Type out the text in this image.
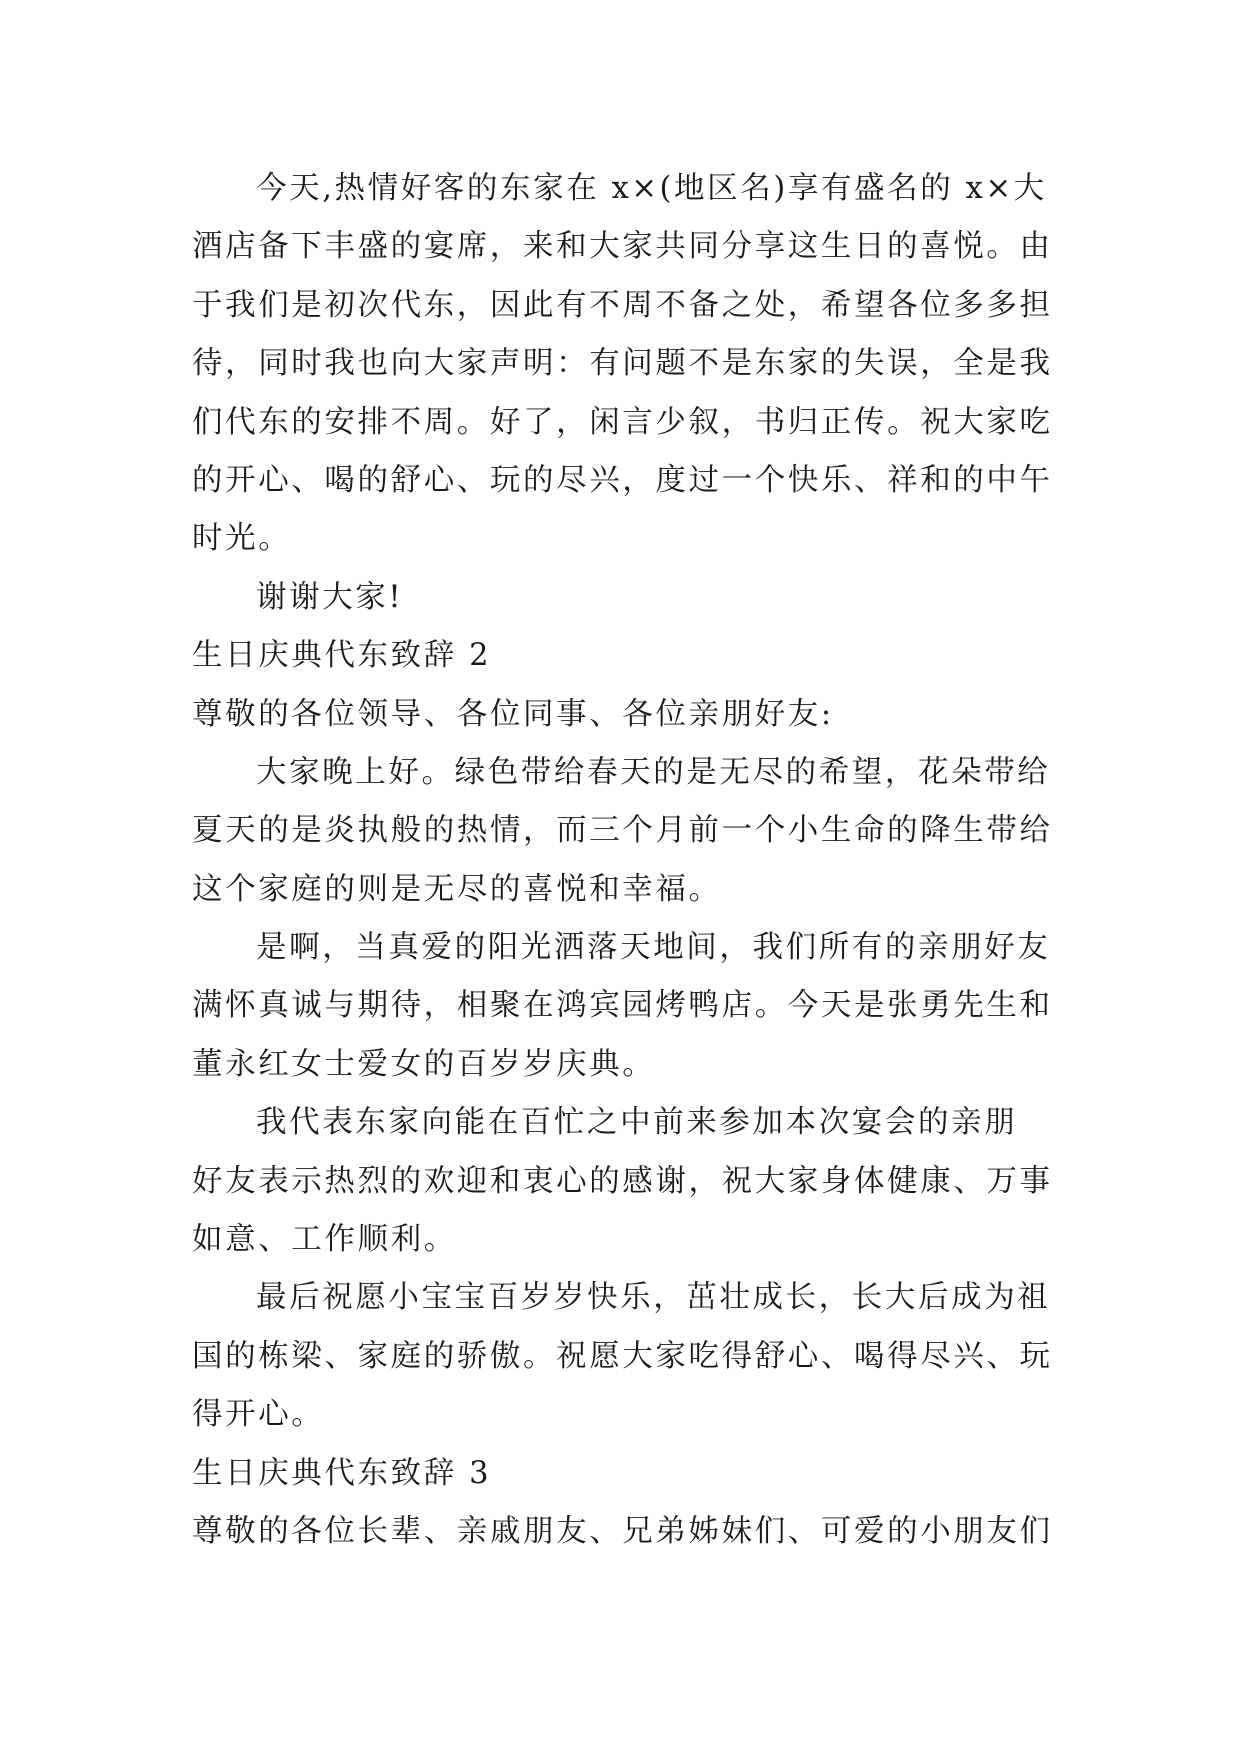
今天,热情好客的东家在 x×(地区名)享有盛名的 x×大
酒店备下丰盛的宴席，来和大家共同分享这生日的喜悦。由
于我们是初次代东，因此有不周不备之处，希望各位多多担
待，同时我也向大家声明：有问题不是东家的失误，全是我
们代东的安排不周。好了，闲言少叙，书归正传。祝大家吃
的开心、喝的舒心、玩的尽兴，度过一个快乐、祥和的中午
时光。
谢谢大家!
生日庆典代东致辞 2
尊敬的各位领导、各位同事、各位亲朋好友:
大家晚上好。绿色带给春天的是无尽的希望，花朵带给
夏天的是炎执般的热情，而三个月前一个小生命的降生带给
这个家庭的则是无尽的喜悦和幸福。
是啊，当真爱的阳光洒落天地间，我们所有的亲朋好友
满怀真诚与期待，相聚在鸿宾园烤鸭店。今天是张勇先生和
董永红女士爱女的百岁岁庆典。
我代表东家向能在百忙之中前来参加本次宴会的亲朋
好友表示热烈的欢迎和衷心的感谢，祝大家身体健康、万事
如意、工作顺利。
最后祝愿小宝宝百岁岁快乐，茁壮成长，长大后成为祖
国的栋梁、家庭的骄傲。祝愿大家吃得舒心、喝得尽兴、玩
得开心。
生日庆典代东致辞 3
尊敬的各位长辈、亲戚朋友、兄弟姊妹们、可爱的小朋友们
